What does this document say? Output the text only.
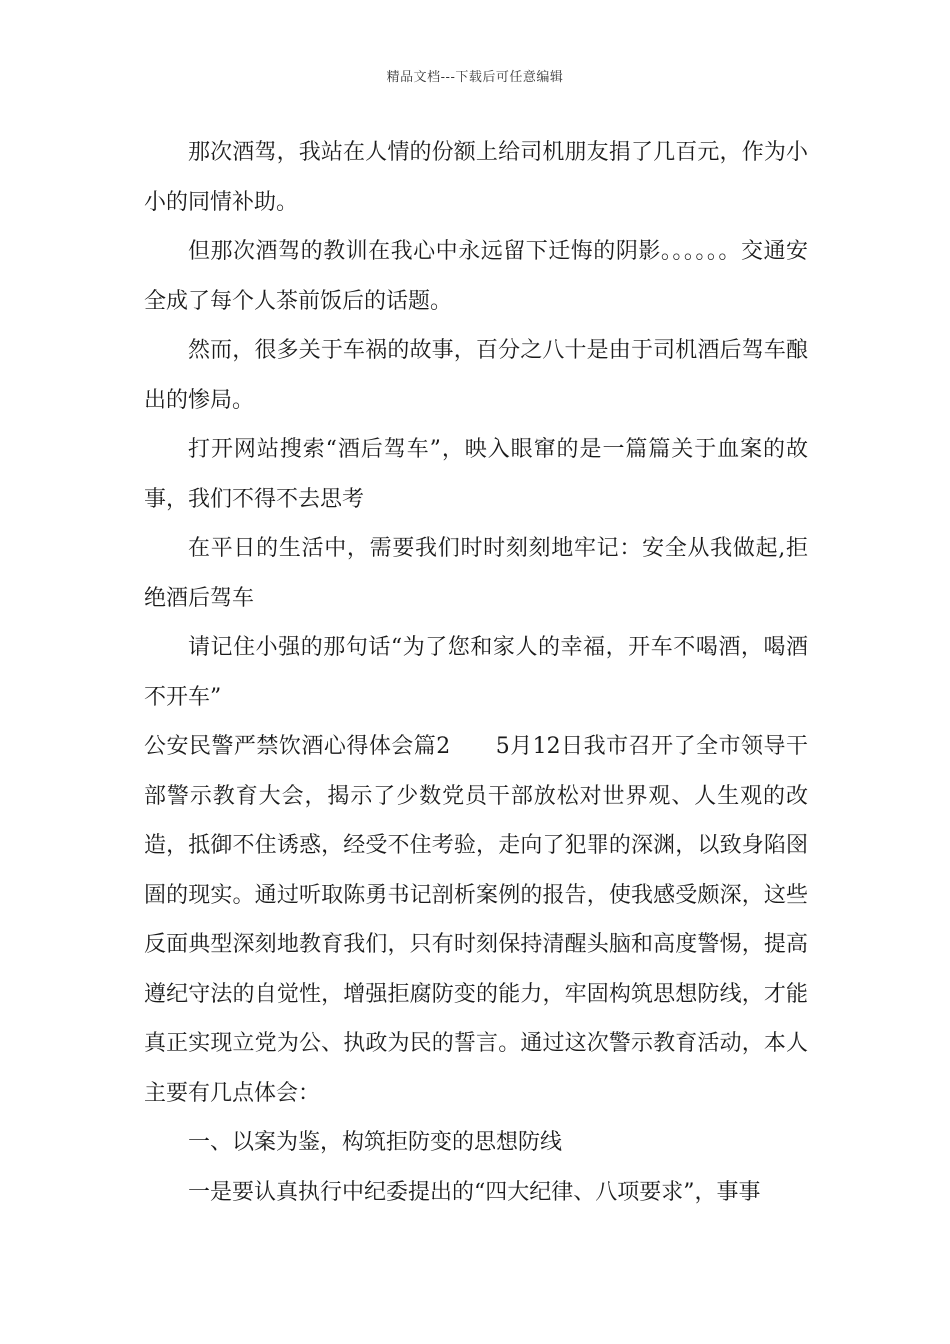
精品文档---下载后可任意编辑

那次酒驾，我站在人情的份额上给司机朋友捐了几百元，作为小小的同情补助。

但那次酒驾的教训在我心中永远留下迁悔的阴影。。。。。。交通安全成了每个人茶前饭后的话题。

然而，很多关于车祸的故事，百分之八十是由于司机酒后驾车酿出的惨局。

打开网站搜索“酒后驾车”，映入眼窜的是一篇篇关于血案的故事，我们不得不去思考

在平日的生活中，需要我们时时刻刻地牢记：安全从我做起,拒绝酒后驾车

请记住小强的那句话“为了您和家人的幸福，开车不喝酒，喝酒不开车”

公安民警严禁饮酒心得体会篇2　　5月12日我市召开了全市领导干部警示教育大会，揭示了少数党员干部放松对世界观、人生观的改造，抵御不住诱惑，经受不住考验，走向了犯罪的深渊，以致身陷囹圄的现实。通过听取陈勇书记剖析案例的报告，使我感受颇深，这些反面典型深刻地教育我们，只有时刻保持清醒头脑和高度警惕，提高遵纪守法的自觉性，增强拒腐防变的能力，牢固构筑思想防线，才能真正实现立党为公、执政为民的誓言。通过这次警示教育活动，本人主要有几点体会：

一、以案为鉴，构筑拒防变的思想防线

一是要认真执行中纪委提出的“四大纪律、八项要求”，事事
